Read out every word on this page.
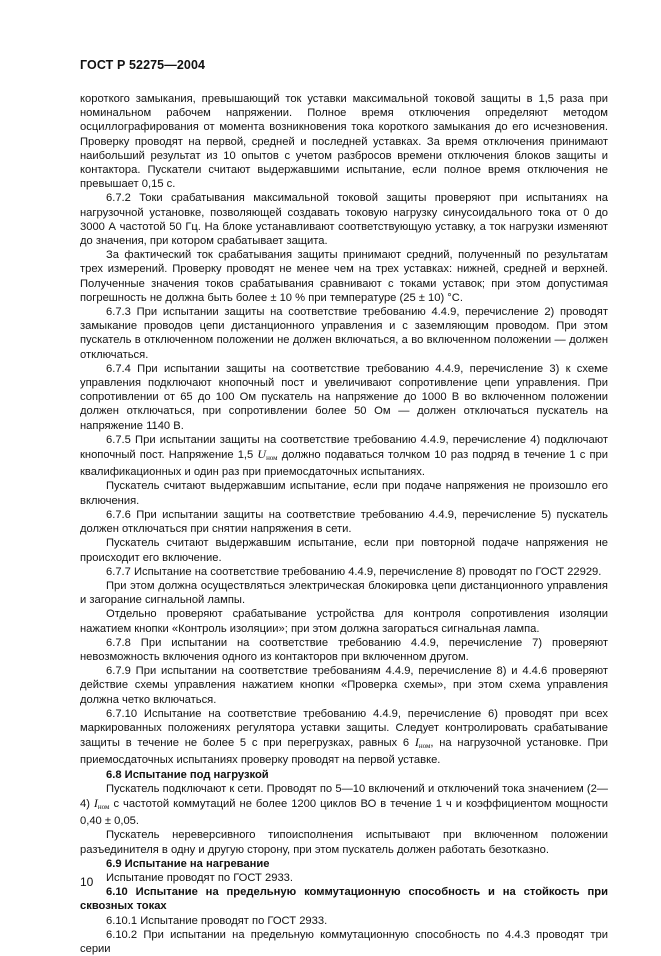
ГОСТ Р 52275—2004

короткого замыкания, превышающий ток уставки максимальной токовой защиты в 1,5 раза при номинальном рабочем напряжении. Полное время отключения определяют методом осциллографирования от момента возникновения тока короткого замыкания до его исчезновения. Проверку проводят на первой, средней и последней уставках. За время отключения принимают наибольший результат из 10 опытов с учетом разбросов времени отключения блоков защиты и контактора. Пускатели считают выдержавшими испытание, если полное время отключения не превышает 0,15 с.

6.7.2 Токи срабатывания максимальной токовой защиты проверяют при испытаниях на нагрузочной установке, позволяющей создавать токовую нагрузку синусоидального тока от 0 до 3000 А частотой 50 Гц. На блоке устанавливают соответствующую уставку, а ток нагрузки изменяют до значения, при котором срабатывает защита.

За фактический ток срабатывания защиты принимают средний, полученный по результатам трех измерений. Проверку проводят не менее чем на трех уставках: нижней, средней и верхней. Полученные значения токов срабатывания сравнивают с токами уставок; при этом допустимая погрешность не должна быть более ± 10 % при температуре (25 ± 10) °С.

6.7.3 При испытании защиты на соответствие требованию 4.4.9, перечисление 2) проводят замыкание проводов цепи дистанционного управления и с заземляющим проводом. При этом пускатель в отключенном положении не должен включаться, а во включенном положении — должен отключаться.

6.7.4 При испытании защиты на соответствие требованию 4.4.9, перечисление 3) к схеме управления подключают кнопочный пост и увеличивают сопротивление цепи управления. При сопротивлении от 65 до 100 Ом пускатель на напряжение до 1000 В во включенном положении должен отключаться, при сопротивлении более 50 Ом — должен отключаться пускатель на напряжение 1140 В.

6.7.5 При испытании защиты на соответствие требованию 4.4.9, перечисление 4) подключают кнопочный пост. Напряжение 1,5 $U_{ном}$ должно подаваться толчком 10 раз подряд в течение 1 с при квалификационных и один раз при приемосдаточных испытаниях.

Пускатель считают выдержавшим испытание, если при подаче напряжения не произошло его включения.

6.7.6 При испытании защиты на соответствие требованию 4.4.9, перечисление 5) пускатель должен отключаться при снятии напряжения в сети.

Пускатель считают выдержавшим испытание, если при повторной подаче напряжения не происходит его включение.

6.7.7 Испытание на соответствие требованию 4.4.9, перечисление 8) проводят по ГОСТ 22929.

При этом должна осуществляться электрическая блокировка цепи дистанционного управления и загорание сигнальной лампы.

Отдельно проверяют срабатывание устройства для контроля сопротивления изоляции нажатием кнопки «Контроль изоляции»; при этом должна загораться сигнальная лампа.

6.7.8 При испытании на соответствие требованию 4.4.9, перечисление 7) проверяют невозможность включения одного из контакторов при включенном другом.

6.7.9 При испытании на соответствие требованиям 4.4.9, перечисление 8) и 4.4.6 проверяют действие схемы управления нажатием кнопки «Проверка схемы», при этом схема управления должна четко включаться.

6.7.10 Испытание на соответствие требованию 4.4.9, перечисление 6) проводят при всех маркированных положениях регулятора уставки защиты. Следует контролировать срабатывание защиты в течение не более 5 с при перегрузках, равных 6 $I_{ном}$, на нагрузочной установке. При приемосдаточных испытаниях проверку проводят на первой уставке.

6.8 Испытание под нагрузкой

Пускатель подключают к сети. Проводят по 5—10 включений и отключений тока значением (2—4) $I_{ном}$ с частотой коммутаций не более 1200 циклов ВО в течение 1 ч и коэффициентом мощности 0,40 ± 0,05.

Пускатель нереверсивного типоисполнения испытывают при включенном положении разъединителя в одну и другую сторону, при этом пускатель должен работать безотказно.

6.9 Испытание на нагревание

Испытание проводят по ГОСТ 2933.

6.10 Испытание на предельную коммутационную способность и на стойкость при сквозных токах

6.10.1 Испытание проводят по ГОСТ 2933.

6.10.2 При испытании на предельную коммутационную способность по 4.4.3 проводят три серии

10
